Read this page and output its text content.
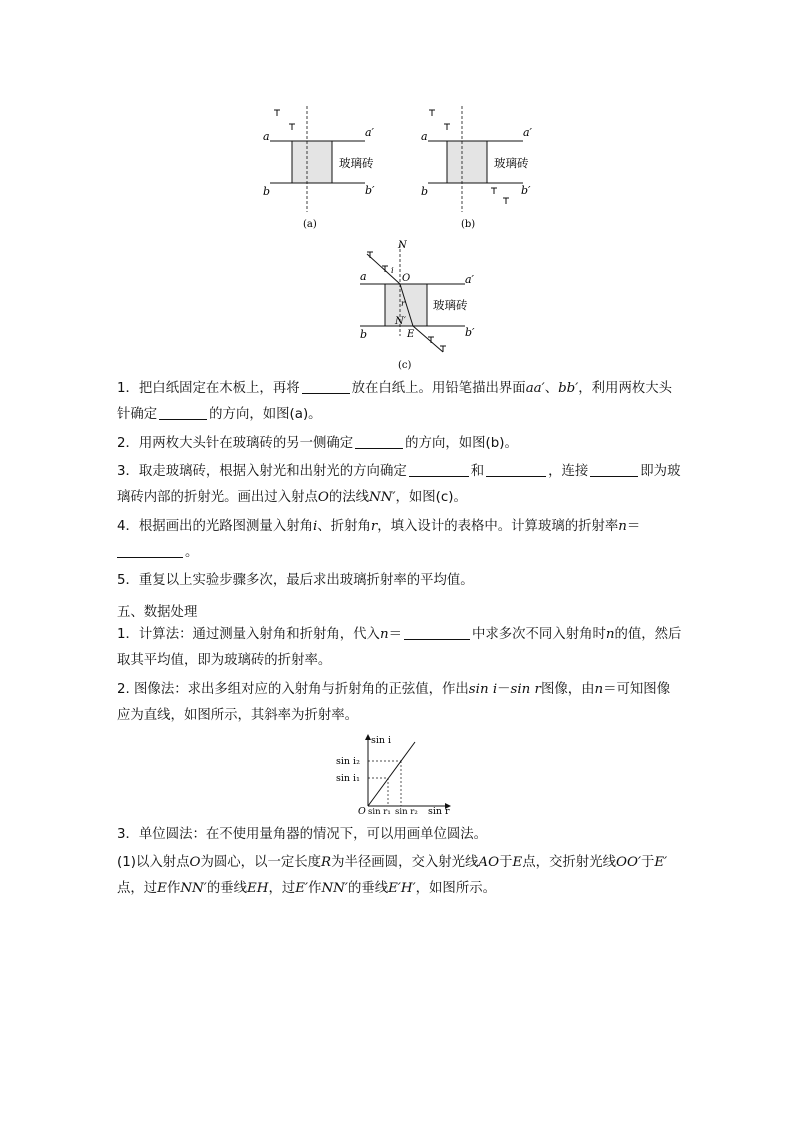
a	a′
b	b′
玻璃砖
(a)
a	a′
b	b′
玻璃砖
(b)
N
i
O
r
N′
E
a	a′
b	b′
玻璃砖
(c)

1．把白纸固定在木板上，再将	放在白纸上。用铅笔描出界面aa′、bb′，利用两枚大头针确定	的方向，如图(a)。

2．用两枚大头针在玻璃砖的另一侧确定	的方向，如图(b)。

3．取走玻璃砖，根据入射光和出射光的方向确定	和	，连接	即为玻璃砖内部的折射光。画出过入射点O的法线NN′，如图(c)。

4．根据画出的光路图测量入射角i、折射角r，填入设计的表格中。计算玻璃的折射率n＝
。

5．重复以上实验步骤多次，最后求出玻璃折射率的平均值。

五、数据处理

1．计算法：通过测量入射角和折射角，代入n＝	中求多次不同入射角时n的值，然后取其平均值，即为玻璃砖的折射率。

2. 图像法：求出多组对应的入射角与折射角的正弦值，作出sin i－sin r图像，由n＝可知图像应为直线，如图所示，其斜率为折射率。

sin i
sin i₂
sin i₁
O sin r₁ sin r₂ sin r

3．单位圆法：在不使用量角器的情况下，可以用画单位圆法。

(1)以入射点O为圆心，以一定长度R为半径画圆，交入射光线AO于E点，交折射光线OO′于E′点，过E作NN′的垂线EH，过E′作NN′的垂线E′H′，如图所示。
